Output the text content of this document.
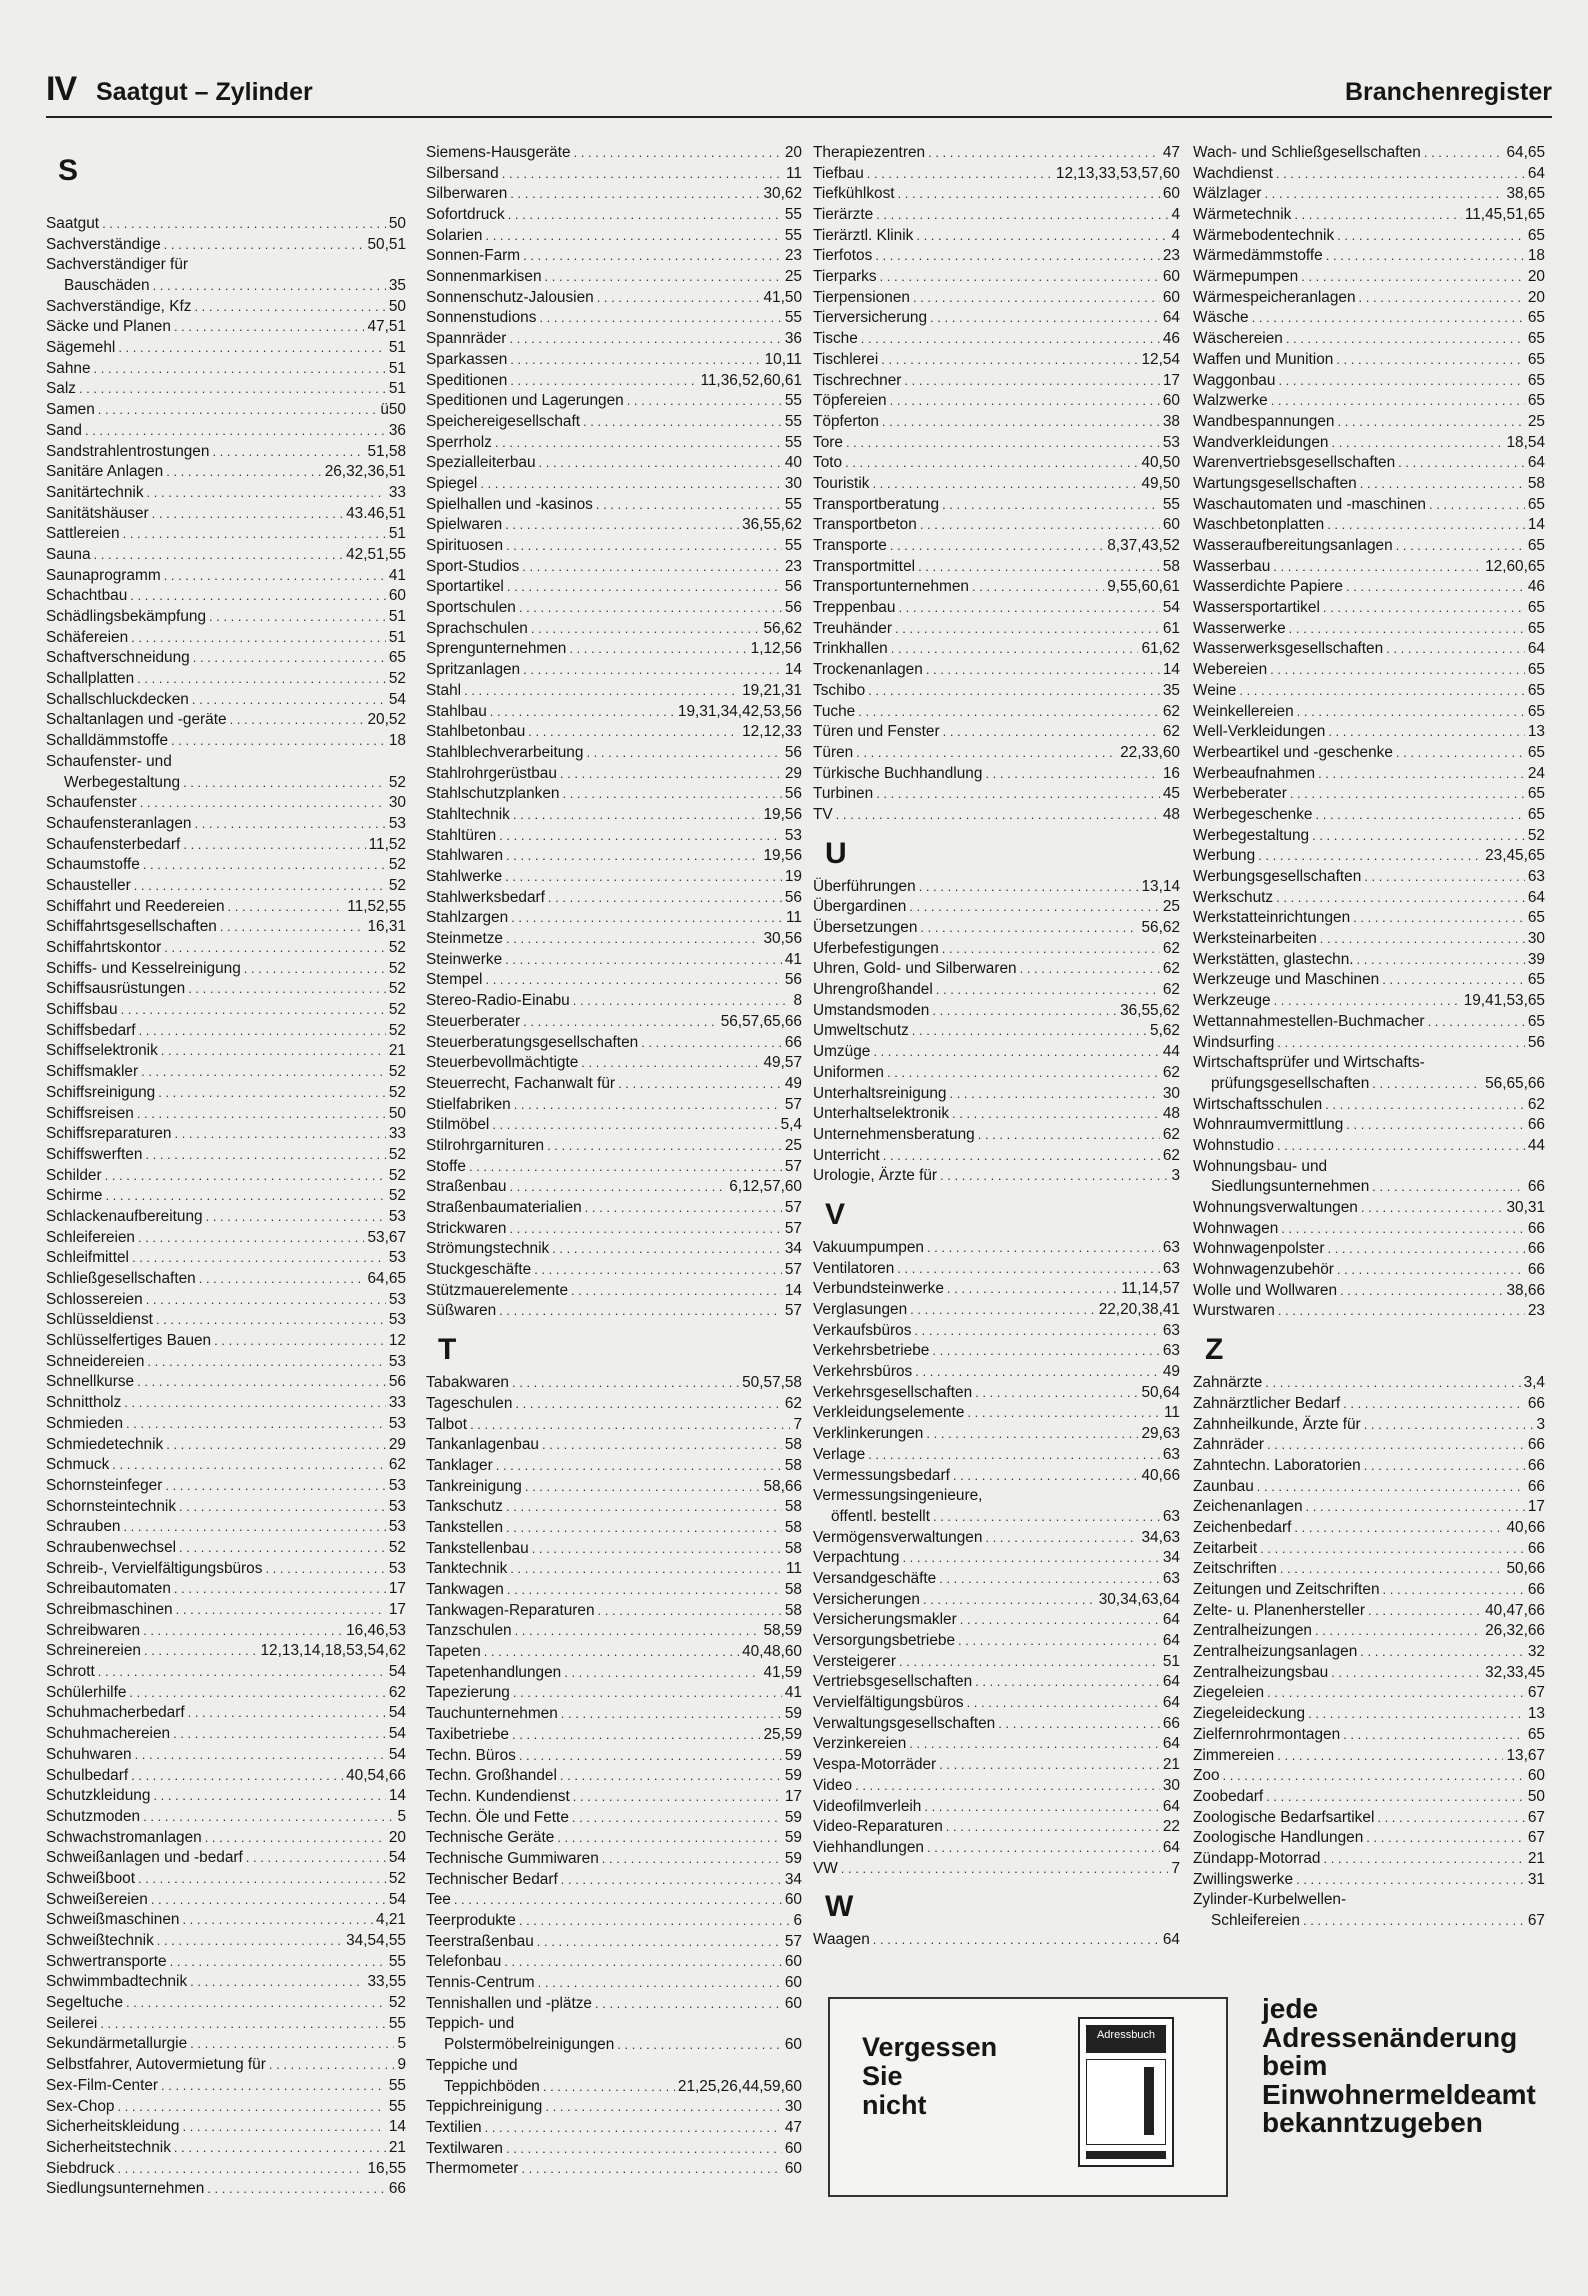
IV Saatgut – Zylinder	Branchenregister
S
Saatgut . . .	50
Sachverständige . . .	50,51
Sachverständiger für
Bauschäden . . .	35
Sachverständige, Kfz . . .	50
Säcke und Planen . . .	47,51
Sägemehl . . .	51
Sahne . . .	51
Salz . . .	51
Samen . . .	ü50
Sand . . .	36
Sandstrahlentrostungen . . .	51,58
Sanitäre Anlagen . . .	26,32,36,51
Sanitärtechnik . . .	33
Sanitätshäuser . . .	43.46,51
Sattlereien . . .	51
Sauna . . .	42,51,55
Saunaprogramm . . .	41
Schachtbau . . .	60
Schädlingsbekämpfung . . .	51
Schäfereien . . .	51
Schaftverschneidung . . .	65
Schallplatten . . .	52
Schallschluckdecken . . .	54
Schaltanlagen und -geräte . . .	20,52
Schalldämmstoffe . . .	18
Schaufenster- und
Werbegestaltung . . .	52
Schaufenster . . .	30
Schaufensteranlagen . . .	53
Schaufensterbedarf . . .	11,52
Schaumstoffe . . .	52
Schausteller . . .	52
Schiffahrt und Reedereien . . .	11,52,55
Schiffahrtsgesellschaften . . .	16,31
Schiffahrtskontor . . .	52
Schiffs- und Kesselreinigung . . .	52
Schiffsausrüstungen . . .	52
Schiffsbau . . .	52
Schiffsbedarf . . .	52
Schiffselektronik . . .	21
Schiffsmakler . . .	52
Schiffsreinigung . . .	52
Schiffsreisen . . .	50
Schiffsreparaturen . . .	33
Schiffswerften . . .	52
Schilder . . .	52
Schirme . . .	52
Schlackenaufbereitung . . .	53
Schleifereien . . .	53,67
Schleifmittel . . .	53
Schließgesellschaften . . .	64,65
Schlossereien . . .	53
Schlüsseldienst . . .	53
Schlüsselfertiges Bauen . . .	12
Schneidereien . . .	53
Schnellkurse . . .	56
Schnittholz . . .	33
Schmieden . . .	53
Schmiedetechnik . . .	29
Schmuck . . .	62
Schornsteinfeger . . .	53
Schornsteintechnik . . .	53
Schrauben . . .	53
Schraubenwechsel . . .	52
Schreib-, Vervielfältigungsbüros . . .	53
Schreibautomaten . . .	17
Schreibmaschinen . . .	17
Schreibwaren . . .	16,46,53
Schreinereien . . .	12,13,14,18,53,54,62
Schrott . . .	54
Schülerhilfe . . .	62
Schuhmacherbedarf . . .	54
Schuhmachereien . . .	54
Schuhwaren . . .	54
Schulbedarf . . .	40,54,66
Schutzkleidung . . .	14
Schutzmoden . . .	5
Schwachstromanlagen . . .	20
Schweißanlagen und -bedarf . . .	54
Schweißboot . . .	52
Schweißereien . . .	54
Schweißmaschinen . . .	4,21
Schweißtechnik . . .	34,54,55
Schwertransporte . . .	55
Schwimmbadtechnik . . .	33,55
Segeltuche . . .	52
Seilerei . . .	55
Sekundärmetallurgie . . .	5
Selbstfahrer, Autovermietung für . . .	9
Sex-Film-Center . . .	55
Sex-Chop . . .	55
Sicherheitskleidung . . .	14
Sicherheitstechnik . . .	21
Siebdruck . . .	16,55
Siedlungsunternehmen . . .	66
Siemens-Hausgeräte . . .	20
Silbersand . . .	11
Silberwaren . . .	30,62
Sofortdruck . . .	55
Solarien . . .	55
Sonnen-Farm . . .	23
Sonnenmarkisen . . .	25
Sonnenschutz-Jalousien . . .	41,50
Sonnenstudions . . .	55
Spannräder . . .	36
Sparkassen . . .	10,11
Speditionen . . .	11,36,52,60,61
Speditionen und Lagerungen . . .	55
Speichereigesellschaft . . .	55
Sperrholz . . .	55
Spezialleiterbau . . .	40
Spiegel . . .	30
Spielhallen und -kasinos . . .	55
Spielwaren . . .	36,55,62
Spirituosen . . .	55
Sport-Studios . . .	23
Sportartikel . . .	56
Sportschulen . . .	56
Sprachschulen . . .	56,62
Sprengunternehmen . . .	1,12,56
Spritzanlagen . . .	14
Stahl . . .	19,21,31
Stahlbau . . .	19,31,34,42,53,56
Stahlbetonbau . . .	12,12,33
Stahlblechverarbeitung . . .	56
Stahlrohrgerüstbau . . .	29
Stahlschutzplanken . . .	56
Stahltechnik . . .	19,56
Stahltüren . . .	53
Stahlwaren . . .	19,56
Stahlwerke . . .	19
Stahlwerksbedarf . . .	56
Stahlzargen . . .	11
Steinmetze . . .	30,56
Steinwerke . . .	41
Stempel . . .	56
Stereo-Radio-Einabu . . .	8
Steuerberater . . .	56,57,65,66
Steuerberatungsgesellschaften . . .	66
Steuerbevollmächtigte . . .	49,57
Steuerrecht, Fachanwalt für . . .	49
Stielfabriken . . .	57
Stilmöbel . . .	5,4
Stilrohrgarnituren . . .	25
Stoffe . . .	57
Straßenbau . . .	6,12,57,60
Straßenbaumaterialien . . .	57
Strickwaren . . .	57
Strömungstechnik . . .	34
Stuckgeschäfte . . .	57
Stützmauerelemente . . .	14
Süßwaren . . .	57
T
Tabakwaren . . .	50,57,58
Tageschulen . . .	62
Talbot . . .	7
Tankanlagenbau . . .	58
Tanklager . . .	58
Tankreinigung . . .	58,66
Tankschutz . . .	58
Tankstellen . . .	58
Tankstellenbau . . .	58
Tanktechnik . . .	11
Tankwagen . . .	58
Tankwagen-Reparaturen . . .	58
Tanzschulen . . .	58,59
Tapeten . . .	40,48,60
Tapetenhandlungen . . .	41,59
Tapezierung . . .	41
Tauchunternehmen . . .	59
Taxibetriebe . . .	25,59
Techn. Büros . . .	59
Techn. Großhandel . . .	59
Techn. Kundendienst . . .	17
Techn. Öle und Fette . . .	59
Technische Geräte . . .	59
Technische Gummiwaren . . .	59
Technischer Bedarf . . .	34
Tee . . .	60
Teerprodukte . . .	6
Teerstraßenbau . . .	57
Telefonbau . . .	60
Tennis-Centrum . . .	60
Tennishallen und -plätze . . .	60
Teppich- und
Polstermöbelreinigungen . . .	60
Teppiche und
Teppichböden . . .	21,25,26,44,59,60
Teppichreinigung . . .	30
Textilien . . .	47
Textilwaren . . .	60
Thermometer . . .	60
Therapiezentren . . .	47
Tiefbau . . .	12,13,33,53,57,60
Tiefkühlkost . . .	60
Tierärzte . . .	4
Tierärztl. Klinik . . .	4
Tierfotos . . .	23
Tierparks . . .	60
Tierpensionen . . .	60
Tierversicherung . . .	64
Tische . . .	46
Tischlerei . . .	12,54
Tischrechner . . .	17
Töpfereien . . .	60
Töpferton . . .	38
Tore . . .	53
Toto . . .	40,50
Touristik . . .	49,50
Transportberatung . . .	55
Transportbeton . . .	60
Transporte . . .	8,37,43,52
Transportmittel . . .	58
Transportunternehmen . . .	9,55,60,61
Treppenbau . . .	54
Treuhänder . . .	61
Trinkhallen . . .	61,62
Trockenanlagen . . .	14
Tschibo . . .	35
Tuche . . .	62
Türen und Fenster . . .	62
Türen . . .	22,33,60
Türkische Buchhandlung . . .	16
Turbinen . . .	45
TV . . .	48
U
Überführungen . . .	13,14
Übergardinen . . .	25
Übersetzungen . . .	56,62
Uferbefestigungen . . .	62
Uhren, Gold- und Silberwaren . . .	62
Uhrengroßhandel . . .	62
Umstandsmoden . . .	36,55,62
Umweltschutz . . .	5,62
Umzüge . . .	44
Uniformen . . .	62
Unterhaltsreinigung . . .	30
Unterhaltselektronik . . .	48
Unternehmensberatung . . .	62
Unterricht . . .	62
Urologie, Ärzte für . . .	3
V
Vakuumpumpen . . .	63
Ventilatoren . . .	63
Verbundsteinwerke . . .	11,14,57
Verglasungen . . .	22,20,38,41
Verkaufsbüros . . .	63
Verkehrsbetriebe . . .	63
Verkehrsbüros . . .	49
Verkehrsgesellschaften . . .	50,64
Verkleidungselemente . . .	11
Verklinkerungen . . .	29,63
Verlage . . .	63
Vermessungsbedarf . . .	40,66
Vermessungsingenieure,
öffentl. bestellt . . .	63
Vermögensverwaltungen . . .	34,63
Verpachtung . . .	34
Versandgeschäfte . . .	63
Versicherungen . . .	30,34,63,64
Versicherungsmakler . . .	64
Versorgungsbetriebe . . .	64
Versteigerer . . .	51
Vertriebsgesellschaften . . .	64
Vervielfältigungsbüros . . .	64
Verwaltungsgesellschaften . . .	66
Verzinkereien . . .	64
Vespa-Motorräder . . .	21
Video . . .	30
Videofilmverleih . . .	64
Video-Reparaturen . . .	22
Viehhandlungen . . .	64
VW . . .	7
W
Waagen . . .	64
Wach- und Schließgesellschaften . . .	64,65
Wachdienst . . .	64
Wälzlager . . .	38,65
Wärmetechnik . . .	11,45,51,65
Wärmebodentechnik . . .	65
Wärmedämmstoffe . . .	18
Wärmepumpen . . .	20
Wärmespeicheranlagen . . .	20
Wäsche . . .	65
Wäschereien . . .	65
Waffen und Munition . . .	65
Waggonbau . . .	65
Walzwerke . . .	65
Wandbespannungen . . .	25
Wandverkleidungen . . .	18,54
Warenvertriebsgesellschaften . . .	64
Wartungsgesellschaften . . .	58
Waschautomaten und -maschinen . . .	65
Waschbetonplatten . . .	14
Wasseraufbereitungsanlagen . . .	65
Wasserbau . . .	12,60,65
Wasserdichte Papiere . . .	46
Wassersportartikel . . .	65
Wasserwerke . . .	65
Wasserwerksgesellschaften . . .	64
Webereien . . .	65
Weine . . .	65
Weinkellereien . . .	65
Well-Verkleidungen . . .	13
Werbeartikel und -geschenke . . .	65
Werbeaufnahmen . . .	24
Werbeberater . . .	65
Werbegeschenke . . .	65
Werbegestaltung . . .	52
Werbung . . .	23,45,65
Werbungsgesellschaften . . .	63
Werkschutz . . .	64
Werkstatteinrichtungen . . .	65
Werksteinarbeiten . . .	30
Werkstätten, glastechn. . . .	39
Werkzeuge und Maschinen . . .	65
Werkzeuge . . .	19,41,53,65
Wettannahmestellen-Buchmacher . . .	65
Windsurfing . . .	56
Wirtschaftsprüfer und Wirtschafts-
prüfungsgesellschaften . . .	56,65,66
Wirtschaftsschulen . . .	62
Wohnraumvermittlung . . .	66
Wohnstudio . . .	44
Wohnungsbau- und
Siedlungsunternehmen . . .	66
Wohnungsverwaltungen . . .	30,31
Wohnwagen . . .	66
Wohnwagenpolster . . .	66
Wohnwagenzubehör . . .	66
Wolle und Wollwaren . . .	38,66
Wurstwaren . . .	23
Z
Zahnärzte . . .	3,4
Zahnärztlicher Bedarf . . .	66
Zahnheilkunde, Ärzte für . . .	3
Zahnräder . . .	66
Zahntechn. Laboratorien . . .	66
Zaunbau . . .	66
Zeichenanlagen . . .	17
Zeichenbedarf . . .	40,66
Zeitarbeit . . .	66
Zeitschriften . . .	50,66
Zeitungen und Zeitschriften . . .	66
Zelte- u. Planenhersteller . . .	40,47,66
Zentralheizungen . . .	26,32,66
Zentralheizungsanlagen . . .	32
Zentralheizungsbau . . .	32,33,45
Ziegeleien . . .	67
Ziegeleideckung . . .	13
Zielfernrohrmontagen . . .	65
Zimmereien . . .	13,67
Zoo . . .	60
Zoobedarf . . .	50
Zoologische Bedarfsartikel . . .	67
Zoologische Handlungen . . .	67
Zündapp-Motorrad . . .	21
Zwillingswerke . . .	31
Zylinder-Kurbelwellen-
Schleifereien . . .	67
Vergessen
Sie
nicht
Adressbuch
jede
Adressenänderung
beim
Einwohnermeldeamt
bekanntzugeben
